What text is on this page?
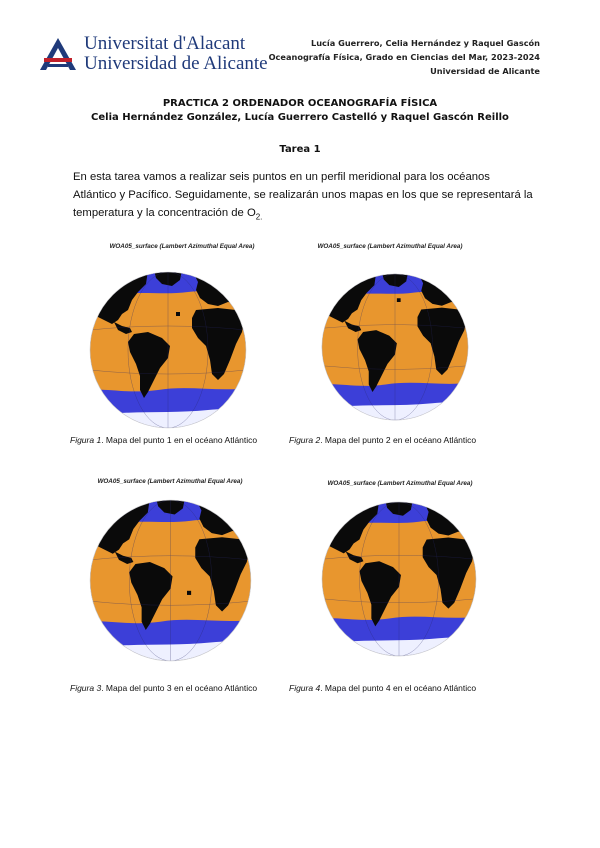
Universitat d'Alacant
Universidad de Alicante
Lucía Guerrero, Celia Hernández y Raquel Gascón
Oceanografía Física, Grado en Ciencias del Mar, 2023-2024
Universidad de Alicante
PRACTICA 2 ORDENADOR OCEANOGRAFÍA FÍSICA
Celia Hernández González, Lucía Guerrero Castelló y Raquel Gascón Reillo
Tarea 1
En esta tarea vamos a realizar seis puntos en un perfil meridional para los océanos Atlántico y Pacífico. Seguidamente, se realizarán unos mapas en los que se representará la temperatura y la concentración de $O_{2.}$
WOA05_surface (Lambert Azimuthal Equal Area)
Figura 1. Mapa del punto 1 en el océano Atlántico
WOA05_surface (Lambert Azimuthal Equal Area)
Figura 2. Mapa del punto 2 en el océano Atlántico
WOA05_surface (Lambert Azimuthal Equal Area)
Figura 3. Mapa del punto 3 en el océano Atlántico
WOA05_surface (Lambert Azimuthal Equal Area)
Figura 4. Mapa del punto 4 en el océano Atlántico
